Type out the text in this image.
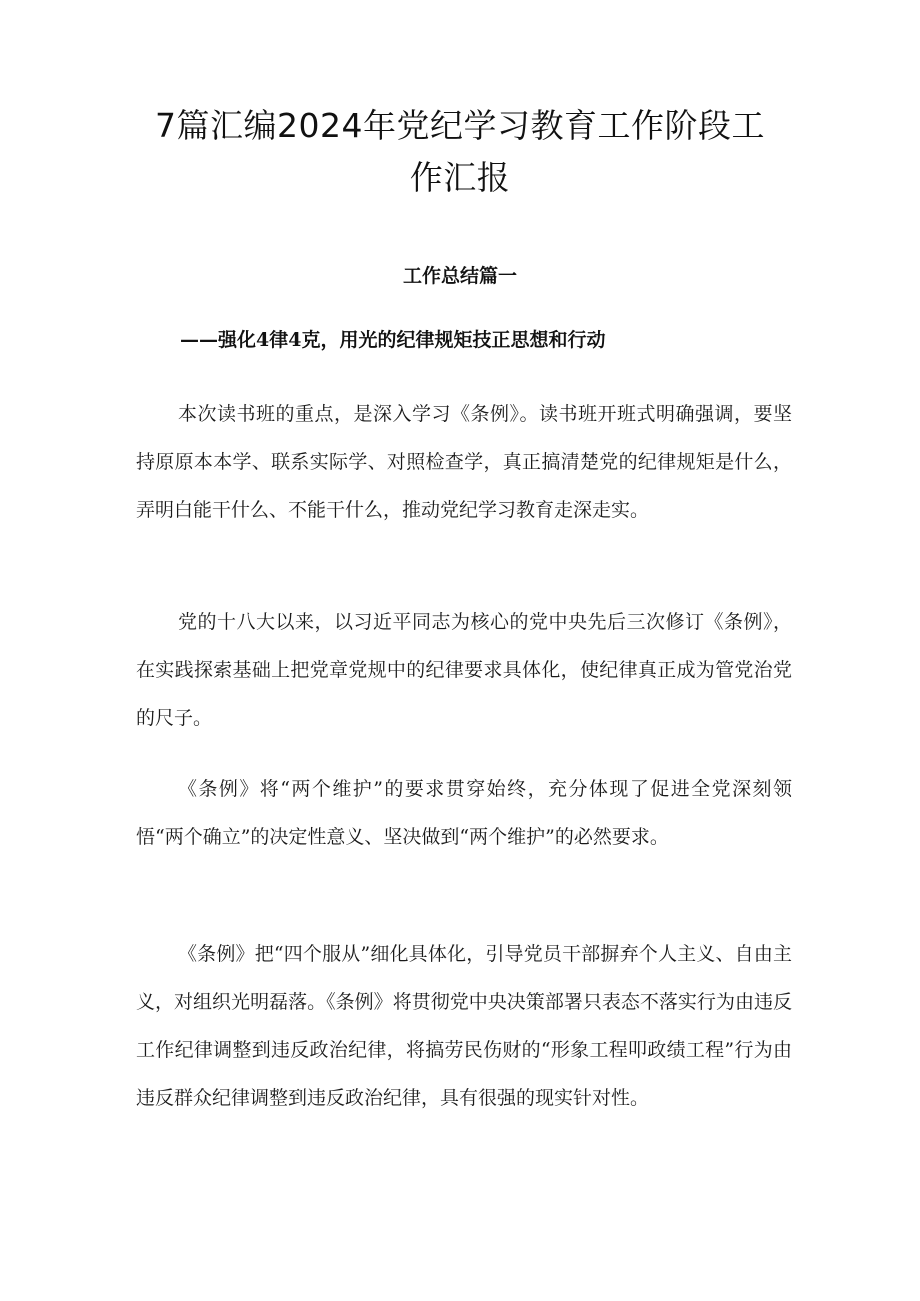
7篇汇编2024年党纪学习教育工作阶段工作汇报
工作总结篇一

——强化4律4克，用光的纪律规矩技正思想和行动

本次读书班的重点，是深入学习《条例》。读书班开班式明确强调，要坚持原原本本学、联系实际学、对照检查学，真正搞清楚党的纪律规矩是什么，弄明白能干什么、不能干什么，推动党纪学习教育走深走实。

党的十八大以来，以习近平同志为核心的党中央先后三次修订《条例》，在实践探索基础上把党章党规中的纪律要求具体化，使纪律真正成为管党治党的尺子。

《条例》将“两个维护”的要求贯穿始终，充分体现了促进全党深刻领悟“两个确立”的决定性意义、坚决做到“两个维护”的必然要求。

《条例》把“四个服从”细化具体化，引导党员干部摒弃个人主义、自由主义，对组织光明磊落。《条例》将贯彻党中央决策部署只表态不落实行为由违反工作纪律调整到违反政治纪律，将搞劳民伤财的“形象工程叩政绩工程”行为由违反群众纪律调整到违反政治纪律，具有很强的现实针对性。
